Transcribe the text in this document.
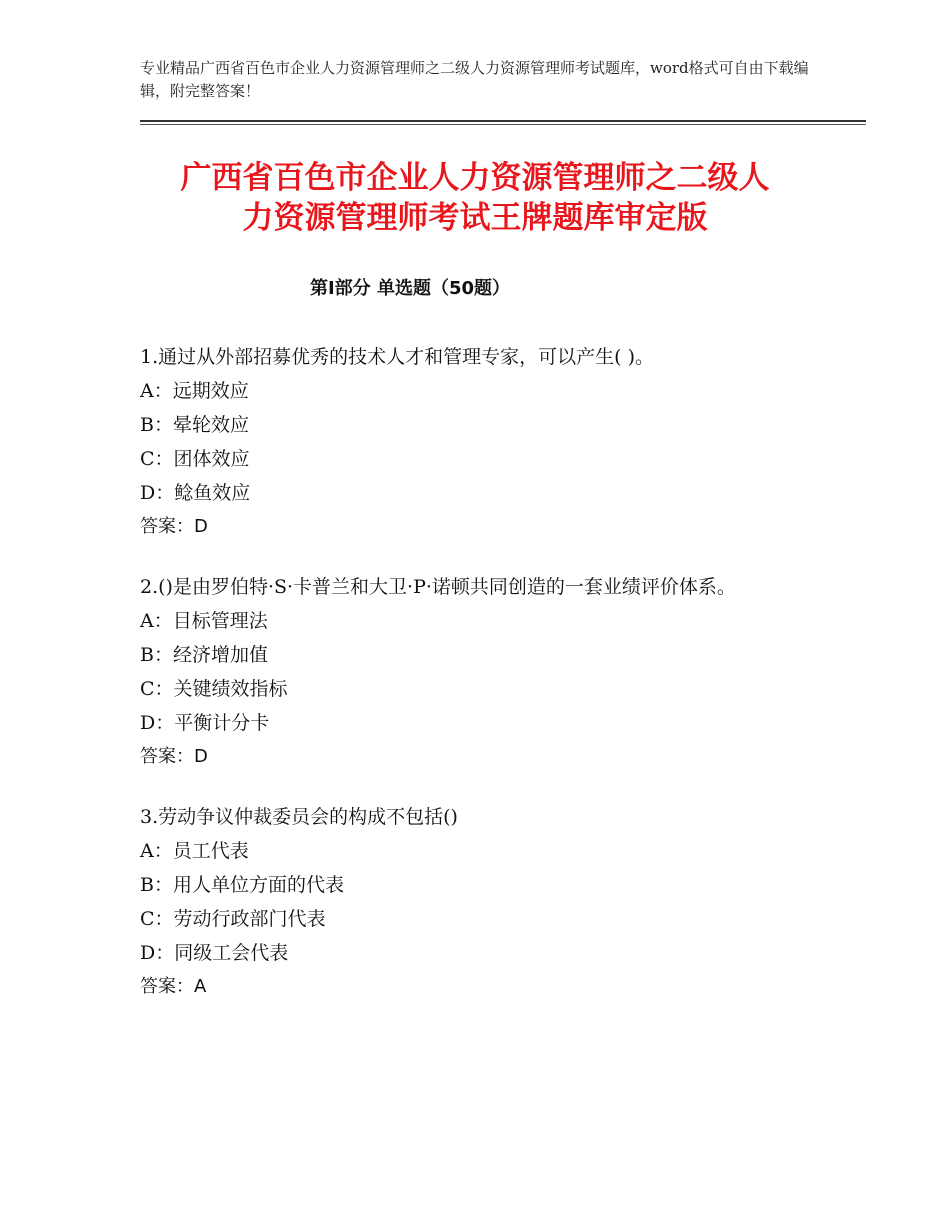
专业精品广西省百色市企业人力资源管理师之二级人力资源管理师考试题库，word格式可自由下载编辑，附完整答案！
广西省百色市企业人力资源管理师之二级人
力资源管理师考试王牌题库审定版
第Ⅰ部分 单选题（50题）

1.通过从外部招募优秀的技术人才和管理专家，可以产生( )。

A：远期效应

B：晕轮效应

C：团体效应

D：鲶鱼效应

答案：D

2.()是由罗伯特·S·卡普兰和大卫·P·诺顿共同创造的一套业绩评价体系。

A：目标管理法

B：经济增加值

C：关键绩效指标

D：平衡计分卡

答案：D

3.劳动争议仲裁委员会的构成不包括()

A：员工代表

B：用人单位方面的代表

C：劳动行政部门代表

D：同级工会代表

答案：A
